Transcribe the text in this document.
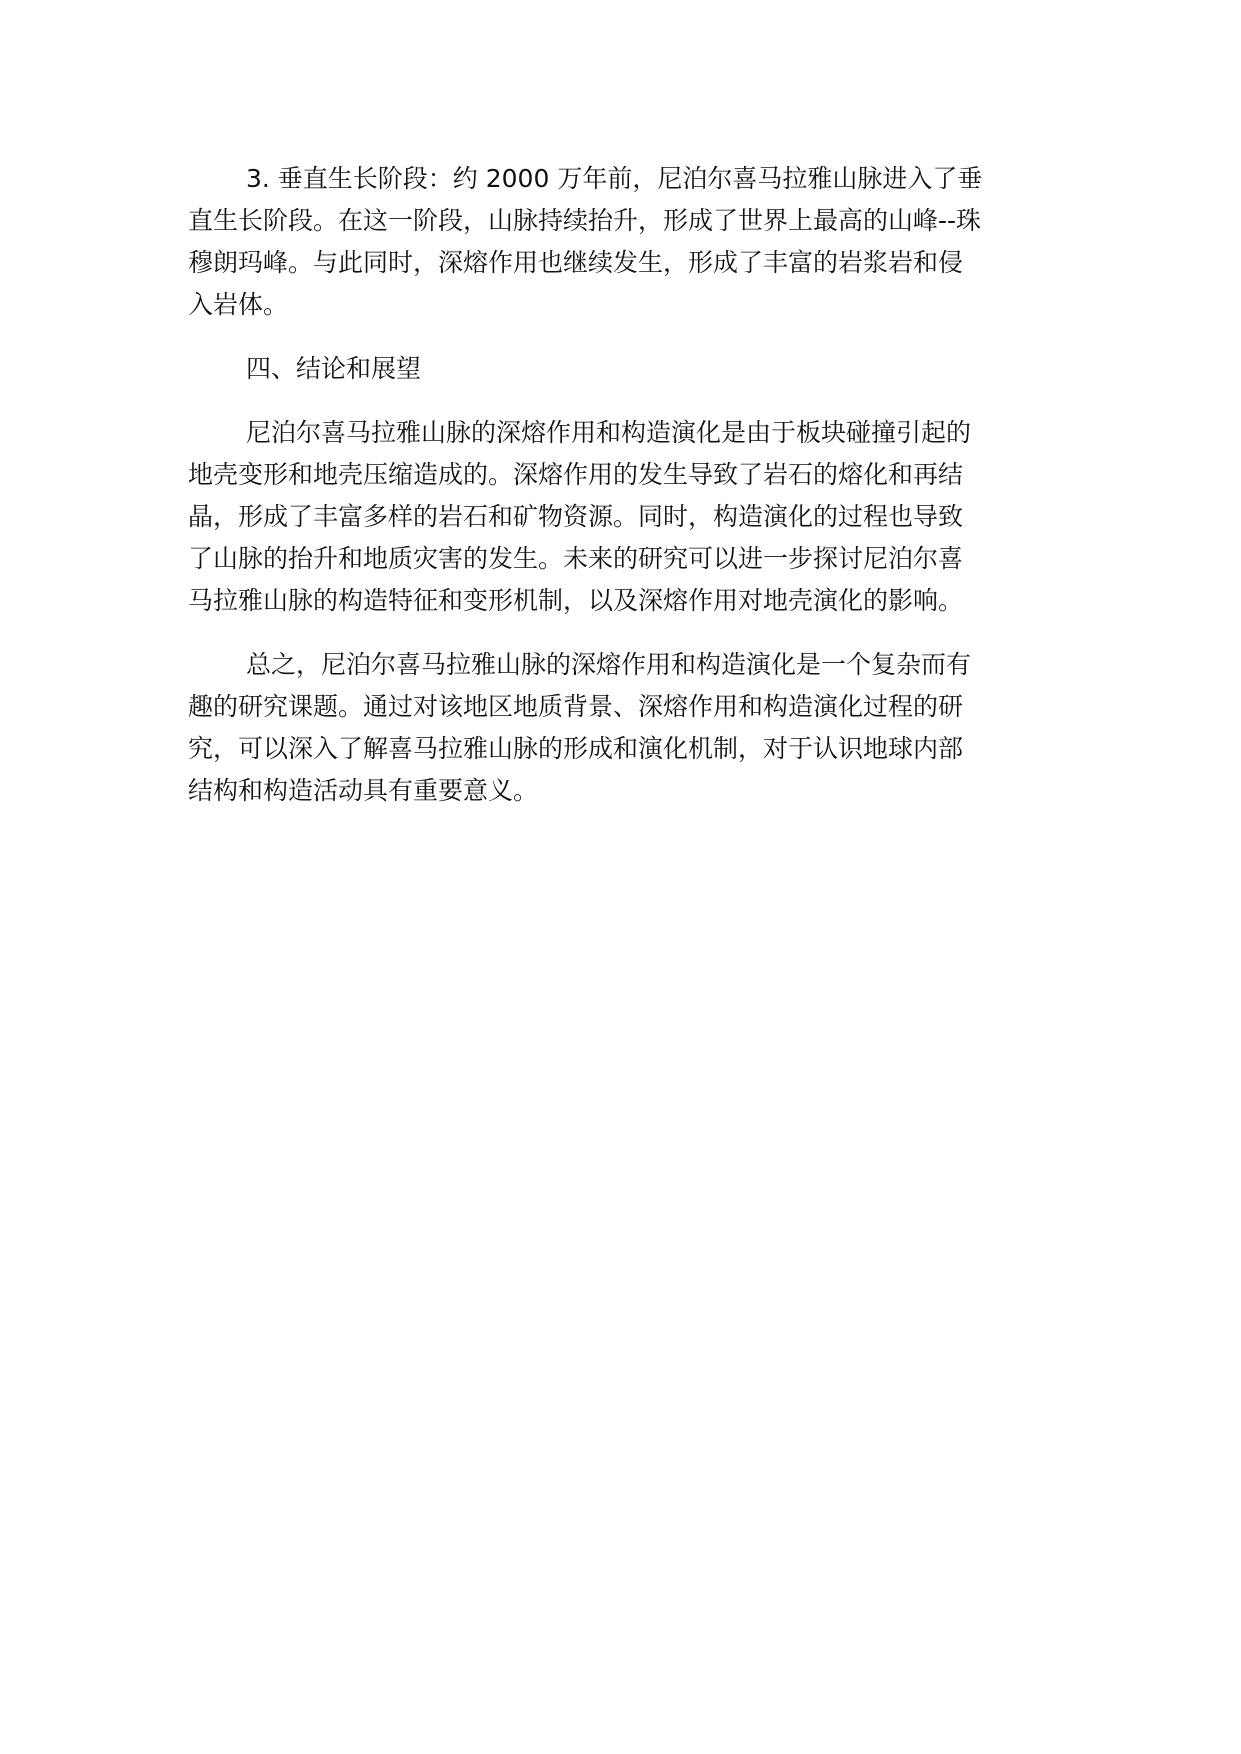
3. 垂直生长阶段：约 2000 万年前，尼泊尔喜马拉雅山脉进入了垂
直生长阶段。在这一阶段，山脉持续抬升，形成了世界上最高的山峰--珠
穆朗玛峰。与此同时，深熔作用也继续发生，形成了丰富的岩浆岩和侵
入岩体。
四、结论和展望
尼泊尔喜马拉雅山脉的深熔作用和构造演化是由于板块碰撞引起的
地壳变形和地壳压缩造成的。深熔作用的发生导致了岩石的熔化和再结
晶，形成了丰富多样的岩石和矿物资源。同时，构造演化的过程也导致
了山脉的抬升和地质灾害的发生。未来的研究可以进一步探讨尼泊尔喜
马拉雅山脉的构造特征和变形机制，以及深熔作用对地壳演化的影响。
总之，尼泊尔喜马拉雅山脉的深熔作用和构造演化是一个复杂而有
趣的研究课题。通过对该地区地质背景、深熔作用和构造演化过程的研
究，可以深入了解喜马拉雅山脉的形成和演化机制，对于认识地球内部
结构和构造活动具有重要意义。
